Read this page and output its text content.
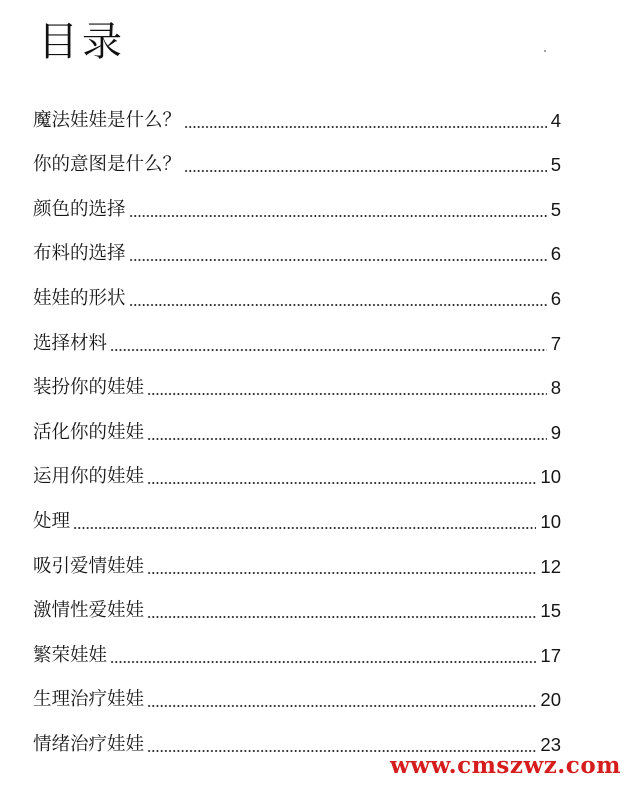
目录
魔法娃娃是什么？	4
你的意图是什么？	5
颜色的选择	5
布料的选择	6
娃娃的形状	6
选择材料	7
装扮你的娃娃	8
活化你的娃娃	9
运用你的娃娃	10
处理	10
吸引爱情娃娃	12
激情性爱娃娃	15
繁荣娃娃	17
生理治疗娃娃	20
情绪治疗娃娃	23
www.cmszwz.com
